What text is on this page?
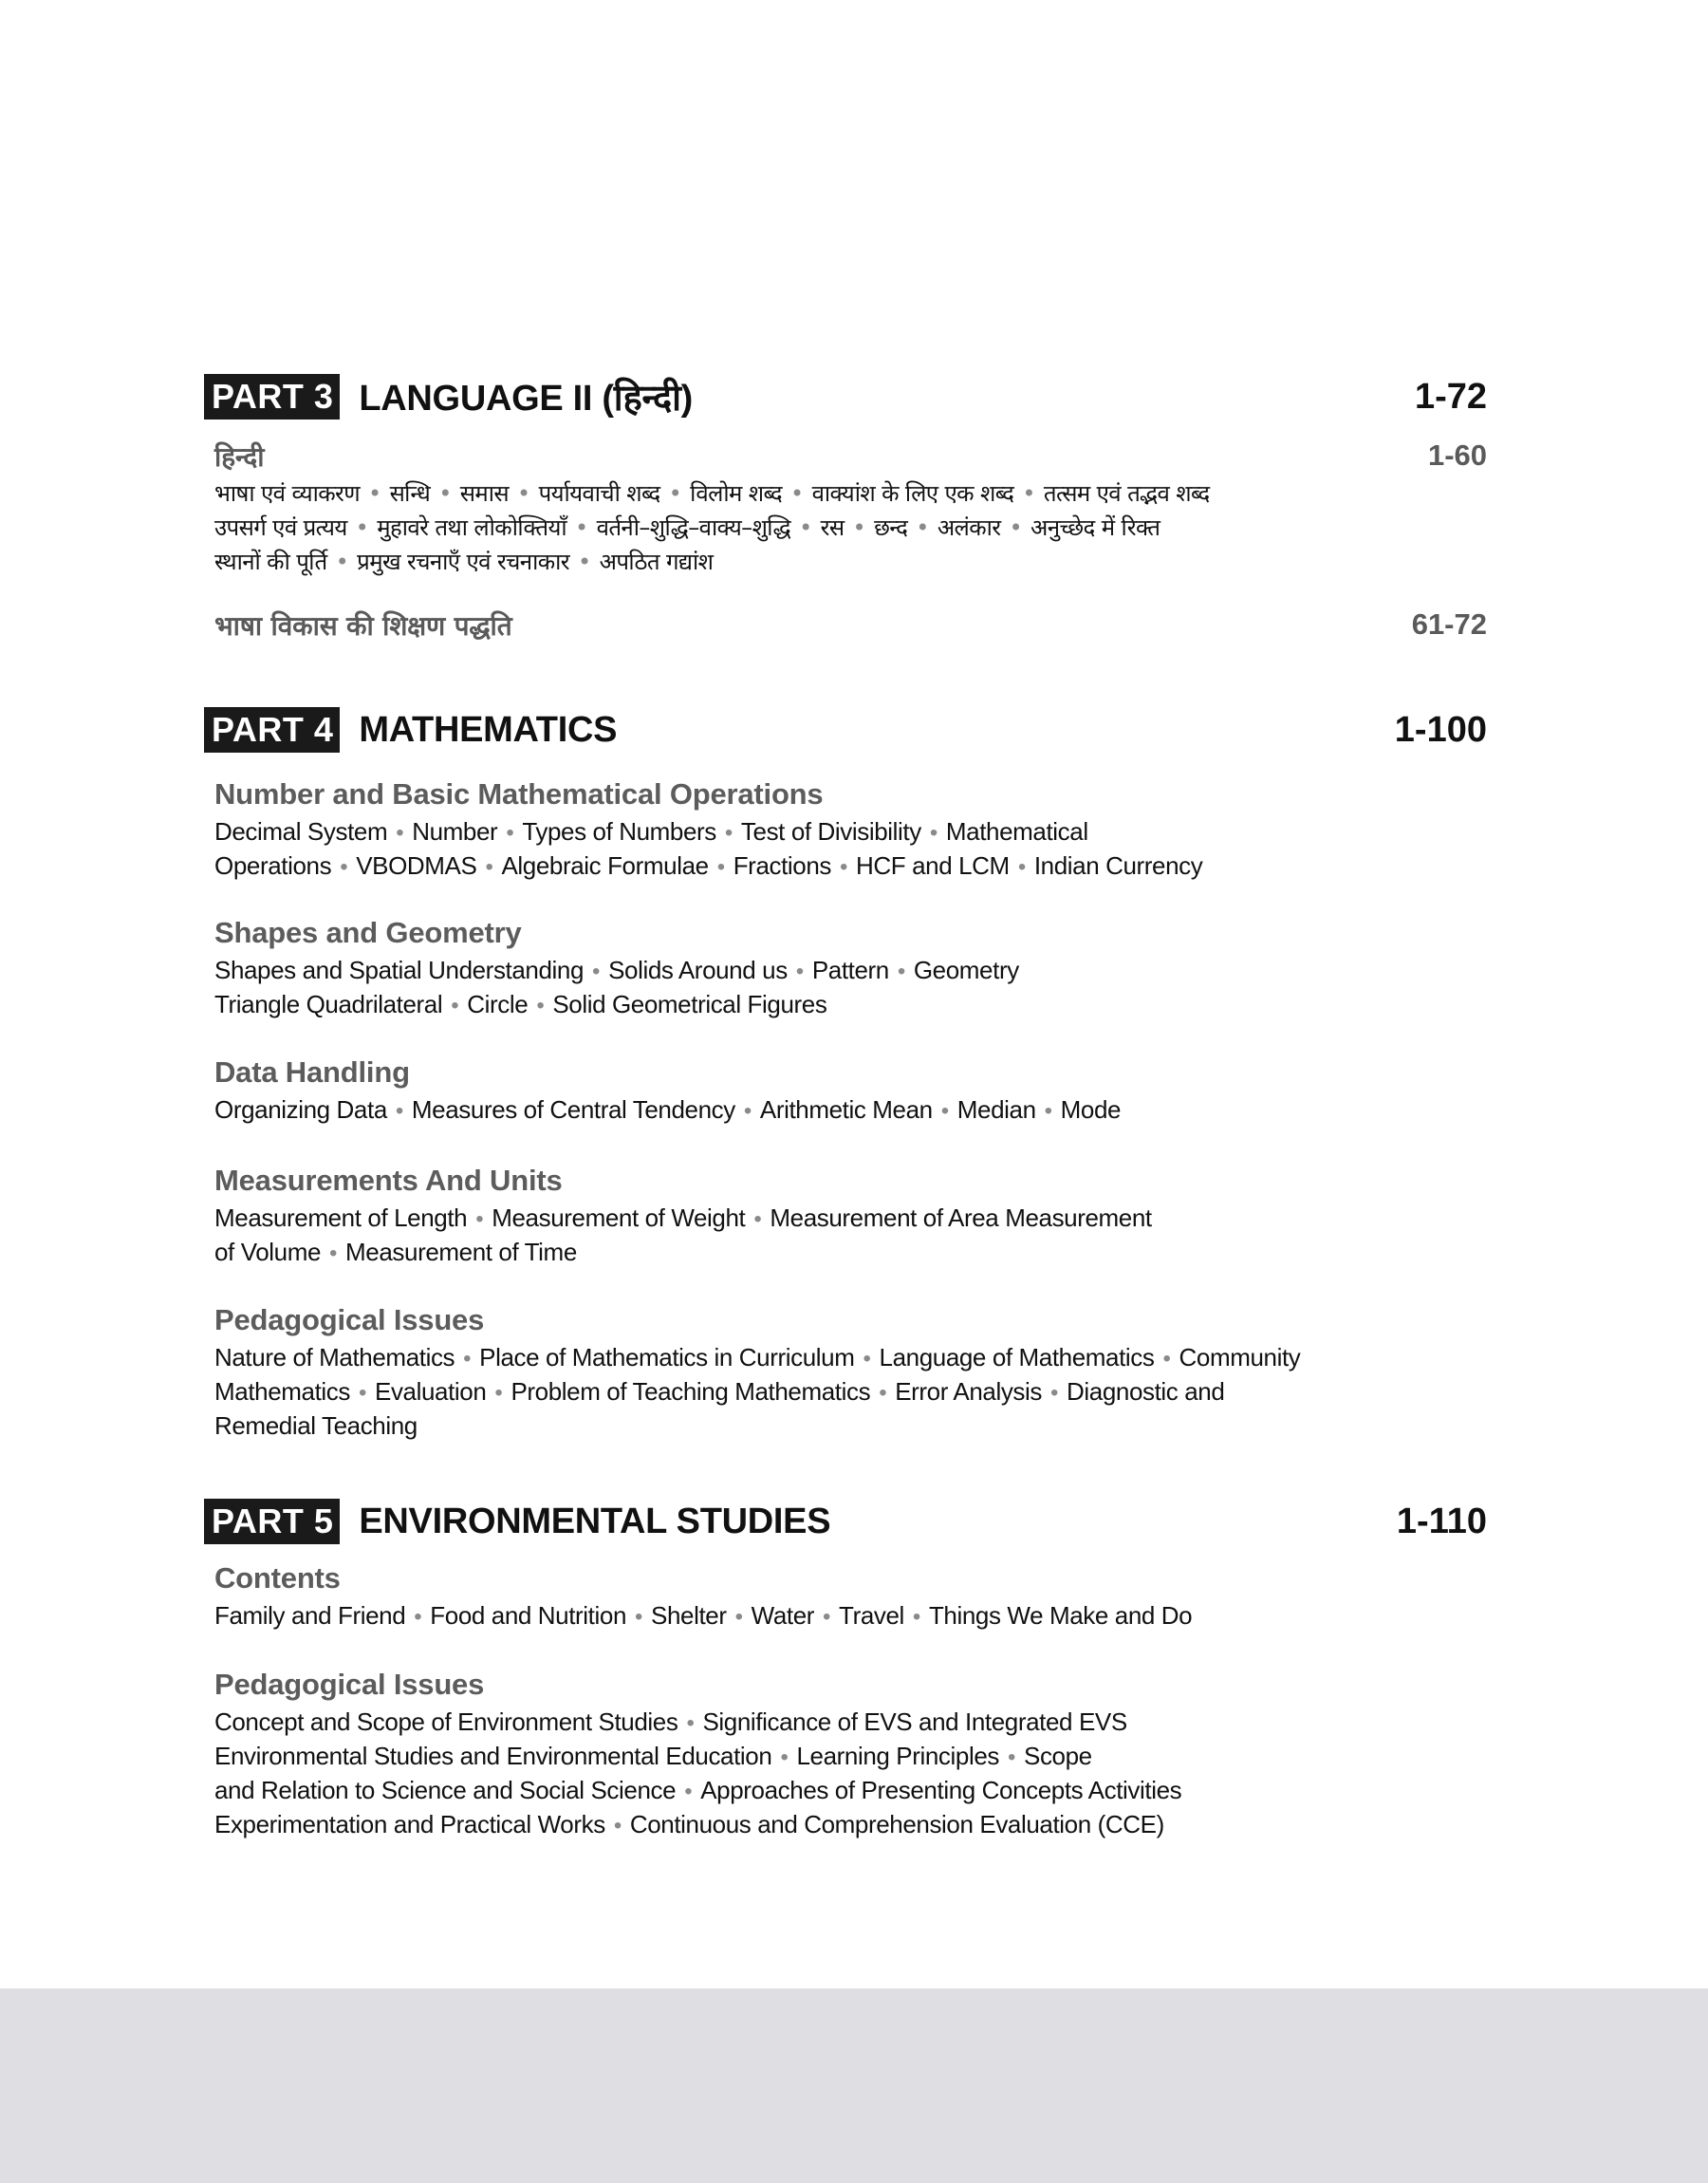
PART 3 LANGUAGE II (हिन्दी)	1-72
हिन्दी	1-60
भाषा एवं व्याकरण • सन्धि • समास • पर्यायवाची शब्द • विलोम शब्द • वाक्यांश के लिए एक शब्द • तत्सम एवं तद्भव शब्द
उपसर्ग एवं प्रत्यय • मुहावरे तथा लोकोक्तियाँ • वर्तनी–शुद्धि–वाक्य–शुद्धि • रस • छन्द • अलंकार • अनुच्छेद में रिक्त
स्थानों की पूर्ति • प्रमुख रचनाएँ एवं रचनाकार • अपठित गद्यांश
भाषा विकास की शिक्षण पद्धति	61-72
PART 4 MATHEMATICS	1-100
Number and Basic Mathematical Operations
Decimal System • Number • Types of Numbers • Test of Divisibility • Mathematical
Operations • VBODMAS • Algebraic Formulae • Fractions • HCF and LCM • Indian Currency
Shapes and Geometry
Shapes and Spatial Understanding • Solids Around us • Pattern • Geometry
Triangle Quadrilateral • Circle • Solid Geometrical Figures
Data Handling
Organizing Data • Measures of Central Tendency • Arithmetic Mean • Median • Mode
Measurements And Units
Measurement of Length • Measurement of Weight • Measurement of Area Measurement
of Volume • Measurement of Time
Pedagogical Issues
Nature of Mathematics • Place of Mathematics in Curriculum • Language of Mathematics • Community
Mathematics • Evaluation • Problem of Teaching Mathematics • Error Analysis • Diagnostic and
Remedial Teaching
PART 5 ENVIRONMENTAL STUDIES	1-110
Contents
Family and Friend • Food and Nutrition • Shelter • Water • Travel • Things We Make and Do
Pedagogical Issues
Concept and Scope of Environment Studies • Significance of EVS and Integrated EVS
Environmental Studies and Environmental Education • Learning Principles • Scope
and Relation to Science and Social Science • Approaches of Presenting Concepts Activities
Experimentation and Practical Works • Continuous and Comprehension Evaluation (CCE)
